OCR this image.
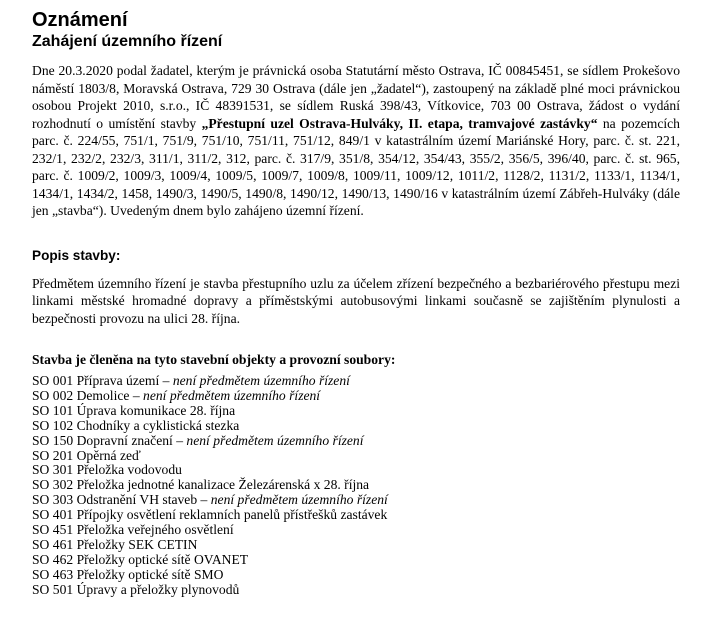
Oznámení
Zahájení územního řízení

Dne 20.3.2020 podal žadatel, kterým je právnická osoba Statutární město Ostrava, IČ 00845451, se sídlem Prokešovo náměstí 1803/8, Moravská Ostrava, 729 30 Ostrava (dále jen „žadatel“), zastoupený na základě plné moci právnickou osobou Projekt 2010, s.r.o., IČ 48391531, se sídlem Ruská 398/43, Vítkovice, 703 00 Ostrava, žádost o vydání rozhodnutí o umístění stavby „Přestupní uzel Ostrava-Hulváky, II. etapa, tramvajové zastávky“ na pozemcích parc. č. 224/55, 751/1, 751/9, 751/10, 751/11, 751/12, 849/1 v katastrálním území Mariánské Hory, parc. č. st. 221, 232/1, 232/2, 232/3, 311/1, 311/2, 312, parc. č. 317/9, 351/8, 354/12, 354/43, 355/2, 356/5, 396/40, parc. č. st. 965, parc. č. 1009/2, 1009/3, 1009/4, 1009/5, 1009/7, 1009/8, 1009/11, 1009/12, 1011/2, 1128/2, 1131/2, 1133/1, 1134/1, 1434/1, 1434/2, 1458, 1490/3, 1490/5, 1490/8, 1490/12, 1490/13, 1490/16 v katastrálním území Zábřeh-Hulváky (dále jen „stavba“). Uvedeným dnem bylo zahájeno územní řízení.

Popis stavby:

Předmětem územního řízení je stavba přestupního uzlu za účelem zřízení bezpečného a bezbariérového přestupu mezi linkami městské hromadné dopravy a příměstskými autobusovými linkami současně se zajištěním plynulosti a bezpečnosti provozu na ulici 28. října.

Stavba je členěna na tyto stavební objekty a provozní soubory:
SO 001 Příprava území – není předmětem územního řízení
SO 002 Demolice – není předmětem územního řízení
SO 101 Úprava komunikace 28. října
SO 102 Chodníky a cyklistická stezka
SO 150 Dopravní značení – není předmětem územního řízení
SO 201 Opěrná zeď
SO 301 Přeložka vodovodu
SO 302 Přeložka jednotné kanalizace Železárenská x 28. října
SO 303 Odstranění VH staveb – není předmětem územního řízení
SO 401 Přípojky osvětlení reklamních panelů přístřešků zastávek
SO 451 Přeložka veřejného osvětlení
SO 461 Přeložky SEK CETIN
SO 462 Přeložky optické sítě OVANET
SO 463 Přeložky optické sítě SMO
SO 501 Úpravy a přeložky plynovodů
